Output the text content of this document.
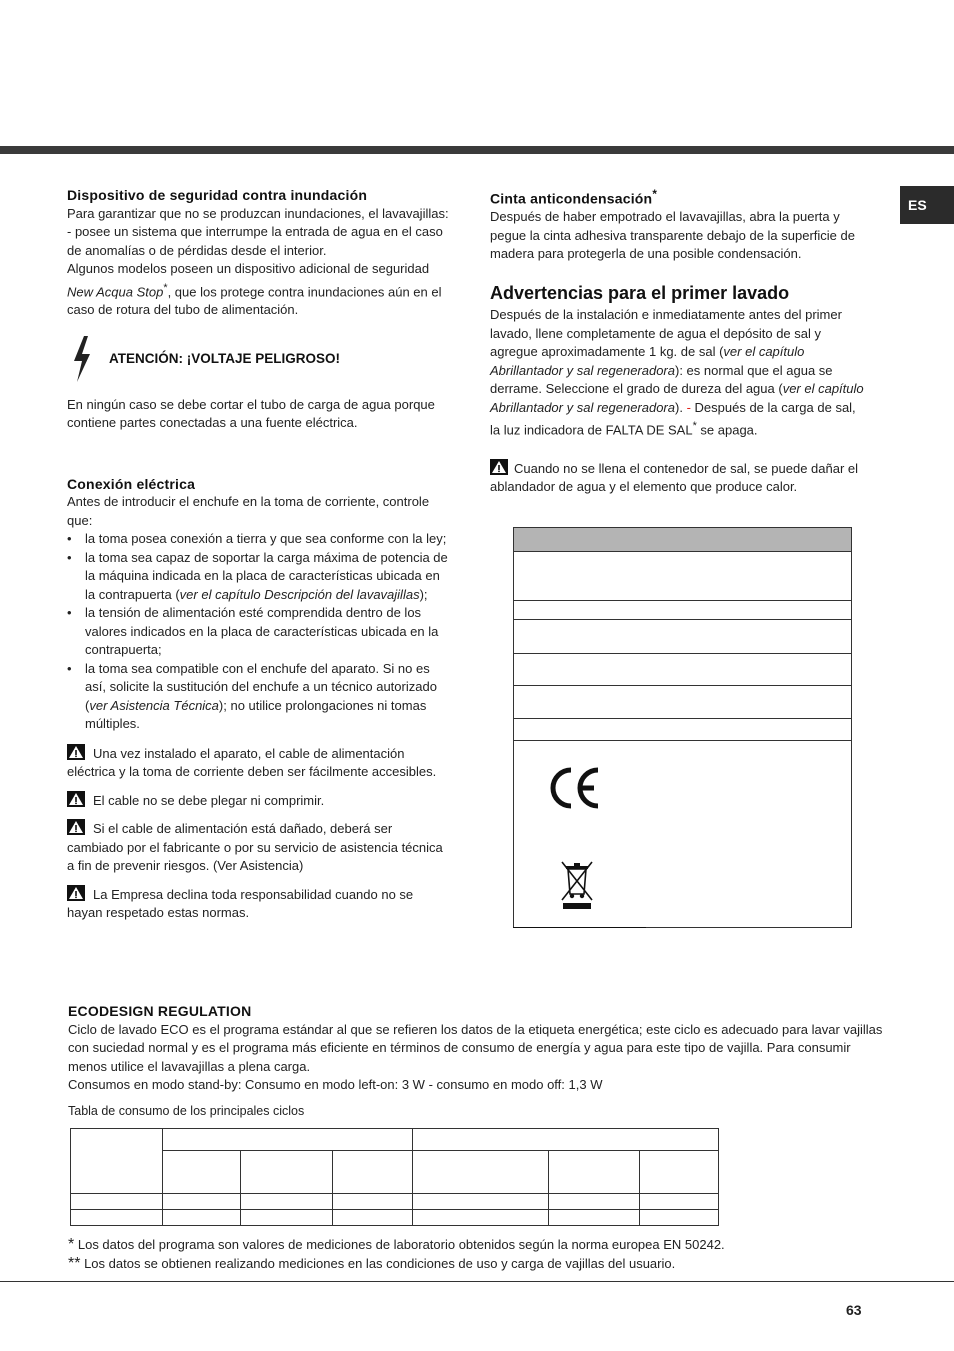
ES
Dispositivo de seguridad contra inundación

Para garantizar que no se produzcan inundaciones, el lavavajillas:

- posee un sistema que interrumpe la entrada de agua en el caso de anomalías o de pérdidas desde el interior.

Algunos modelos poseen un dispositivo adicional de seguridad New Acqua Stop*, que los protege contra inundaciones aún en el caso de rotura del tubo de alimentación.

ATENCIÓN: ¡VOLTAJE PELIGROSO!

En ningún caso se debe cortar el tubo de carga de agua porque contiene partes conectadas a una fuente eléctrica.

Conexión eléctrica

Antes de introducir el enchufe en la toma de corriente, controle que:

•	la toma posea conexión a tierra y que sea conforme con la ley;
•	la toma sea capaz de soportar la carga máxima de potencia de la máquina indicada en la placa de características ubicada en la contrapuerta (ver el capítulo Descripción del lavavajillas);
•	la tensión de alimentación esté comprendida dentro de los valores indicados en la placa de características ubicada en la contrapuerta;
•	la toma sea compatible con el enchufe del aparato. Si no es así, solicite la sustitución del enchufe a un técnico autorizado (ver Asistencia Técnica); no utilice prolongaciones ni tomas múltiples.

Una vez instalado el aparato, el cable de alimentación eléctrica y la toma de corriente deben ser fácilmente accesibles.

El cable no se debe plegar ni comprimir.

Si el cable de alimentación está dañado, deberá ser cambiado por el fabricante o por su servicio de asistencia técnica a fin de prevenir riesgos. (Ver Asistencia)

La Empresa declina toda responsabilidad cuando no se hayan respetado estas normas.

Cinta anticondensación*

Después de haber empotrado el lavavajillas, abra la puerta y pegue la cinta adhesiva transparente debajo de la superficie de madera para protegerla de una posible condensación.

Advertencias para el primer lavado

Después de la instalación e inmediatamente antes del primer lavado, llene completamente de agua el depósito de sal y agregue aproximadamente 1 kg. de sal (ver el capítulo Abrillantador y sal regeneradora): es normal que el agua se derrame. Seleccione el grado de dureza del agua (ver el capítulo Abrillantador y sal regeneradora). - Después de la carga de sal, la luz indicadora de FALTA DE SAL* se apaga.

Cuando no se llena el contenedor de sal, se puede dañar el ablandador de agua y el elemento que produce calor.

ECODESIGN REGULATION

Ciclo de lavado ECO es el programa estándar al que se refieren los datos de la etiqueta energética; este ciclo es adecuado para lavar vajillas con suciedad normal y es el programa más eficiente en términos de consumo de energía y agua para este tipo de vajilla. Para consumir menos utilice el lavavajillas a plena carga.

Consumos en modo stand-by: Consumo en modo left-on: 3 W - consumo en modo off: 1,3 W

Tabla de consumo de los principales ciclos

* Los datos del programa son valores de mediciones de laboratorio obtenidos según la norma europea EN 50242.

** Los datos se obtienen realizando mediciones en las condiciones de uso y carga de vajillas del usuario.

63
